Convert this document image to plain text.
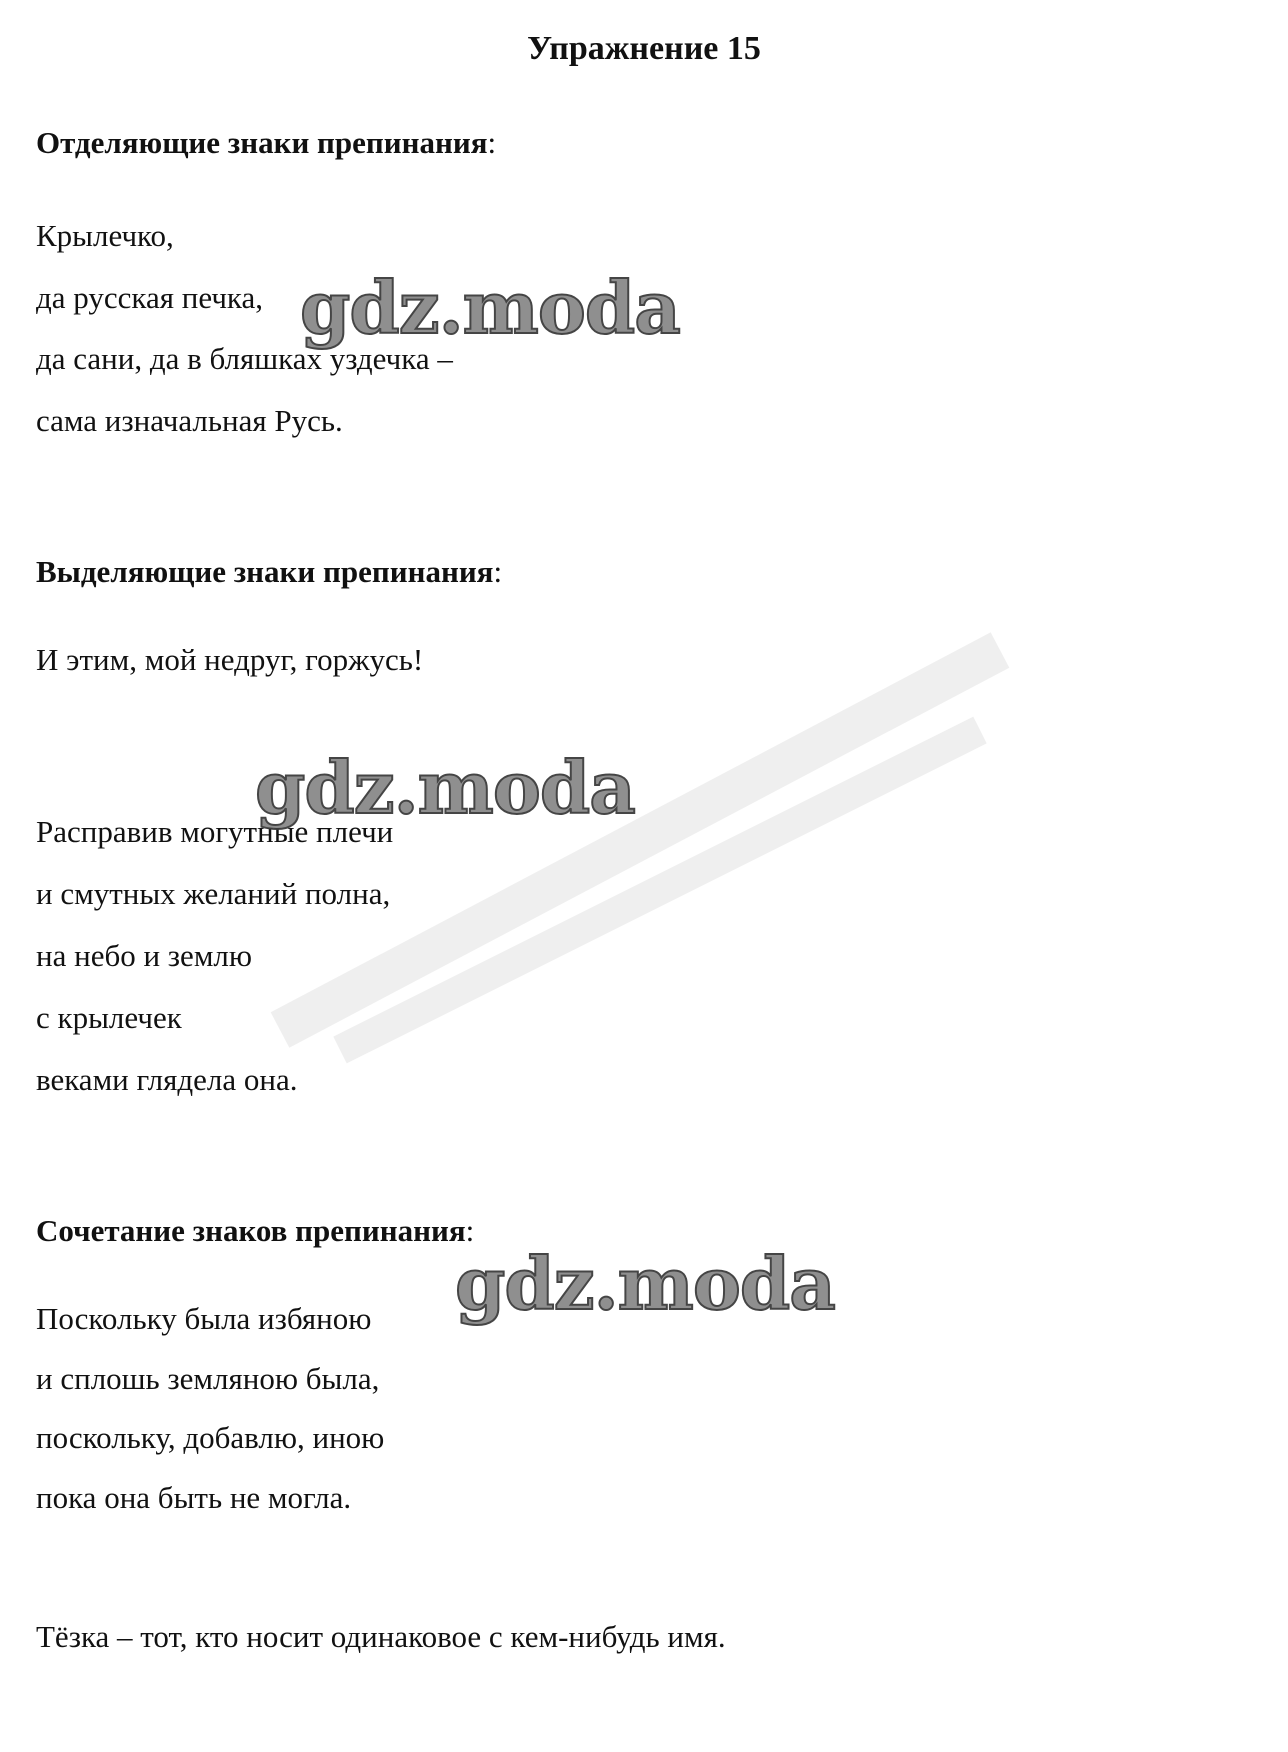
Упражнение 15
Отделяющие знаки препинания:
Крылечко,
да русская печка,
да сани, да в бляшках уздечка –
сама изначальная Русь.
Выделяющие знаки препинания:
И этим, мой недруг, горжусь!
Расправив могутные плечи
и смутных желаний полна,
на небо и землю
с крылечек
веками глядела она.
Сочетание знаков препинания:
Поскольку была избяною
и сплошь земляною была,
поскольку, добавлю, иною
пока она быть не могла.
Тёзка – тот, кто носит одинаковое с кем-нибудь имя.
gdz.moda
gdz.moda
gdz.moda
